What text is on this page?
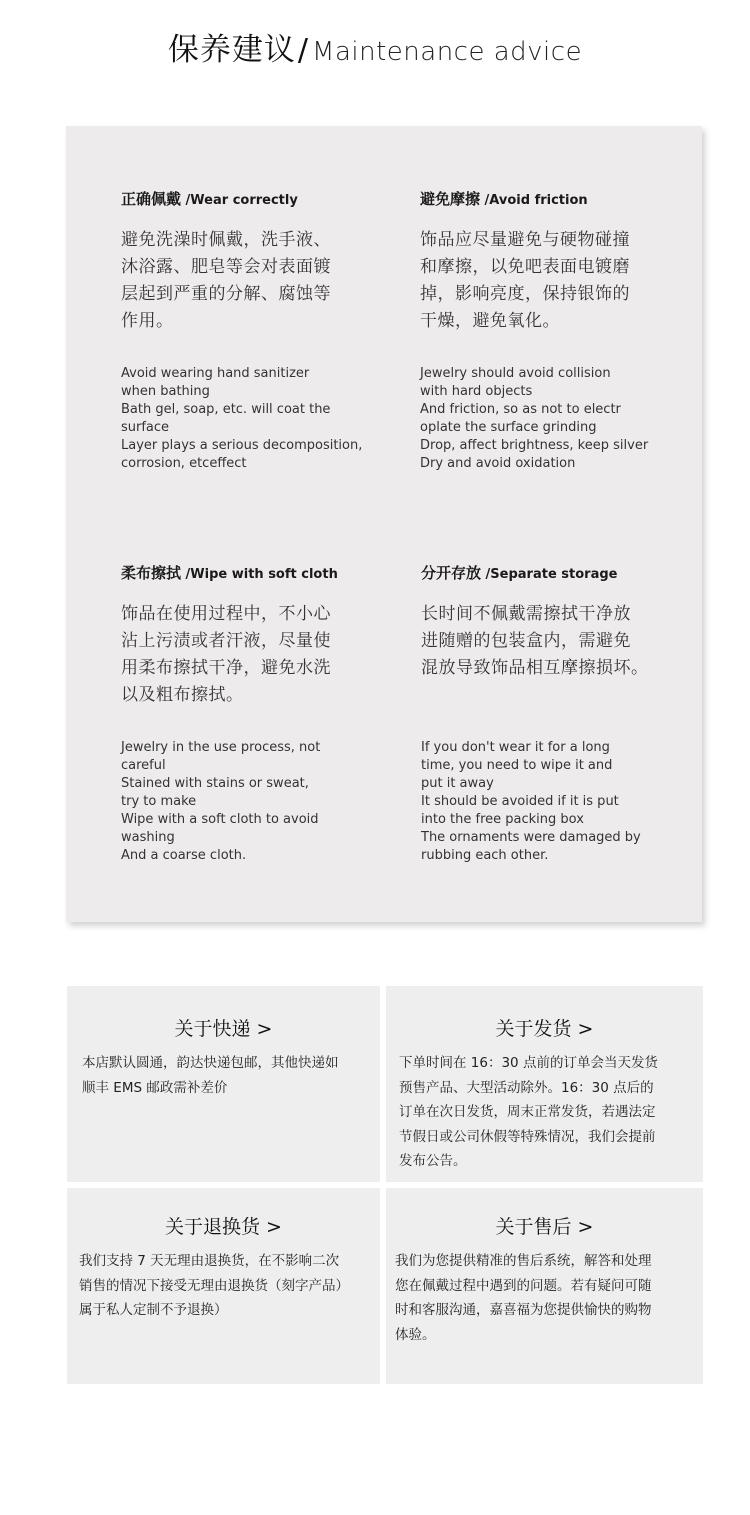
保养建议/ Maintenance advice
正确佩戴 /Wear correctly
避免洗澡时佩戴，洗手液、
沐浴露、肥皂等会对表面镀
层起到严重的分解、腐蚀等
作用。
Avoid wearing hand sanitizer
when bathing
Bath gel, soap, etc. will coat the
surface
Layer plays a serious decomposition,
corrosion, etceffect
避免摩擦 /Avoid friction
饰品应尽量避免与硬物碰撞
和摩擦，以免吧表面电镀磨
掉，影响亮度，保持银饰的
干燥，避免氧化。
Jewelry should avoid collision
with hard objects
And friction, so as not to electr
oplate the surface grinding
Drop, affect brightness, keep silver
Dry and avoid oxidation
柔布擦拭 /Wipe with soft cloth
饰品在使用过程中，不小心
沾上污渍或者汗液，尽量使
用柔布擦拭干净，避免水洗
以及粗布擦拭。
Jewelry in the use process, not
careful
Stained with stains or sweat,
try to make
Wipe with a soft cloth to avoid
washing
And a coarse cloth.
分开存放 /Separate storage
长时间不佩戴需擦拭干净放
进随赠的包装盒内，需避免
混放导致饰品相互摩擦损坏。
If you don't wear it for a long
time, you need to wipe it and
put it away
It should be avoided if it is put
into the free packing box
The ornaments were damaged by
rubbing each other.
关于快递 >
本店默认圆通，韵达快递包邮，其他快递如
顺丰 EMS 邮政需补差价
关于发货 >
下单时间在 16：30 点前的订单会当天发货
预售产品、大型活动除外。16：30 点后的
订单在次日发货，周末正常发货，若遇法定
节假日或公司休假等特殊情况，我们会提前
发布公告。
关于退换货 >
我们支持 7 天无理由退换货，在不影响二次
销售的情况下接受无理由退换货（刻字产品）
属于私人定制不予退换）
关于售后 >
我们为您提供精准的售后系统，解答和处理
您在佩戴过程中遇到的问题。若有疑问可随
时和客服沟通，嘉喜福为您提供愉快的购物
体验。
